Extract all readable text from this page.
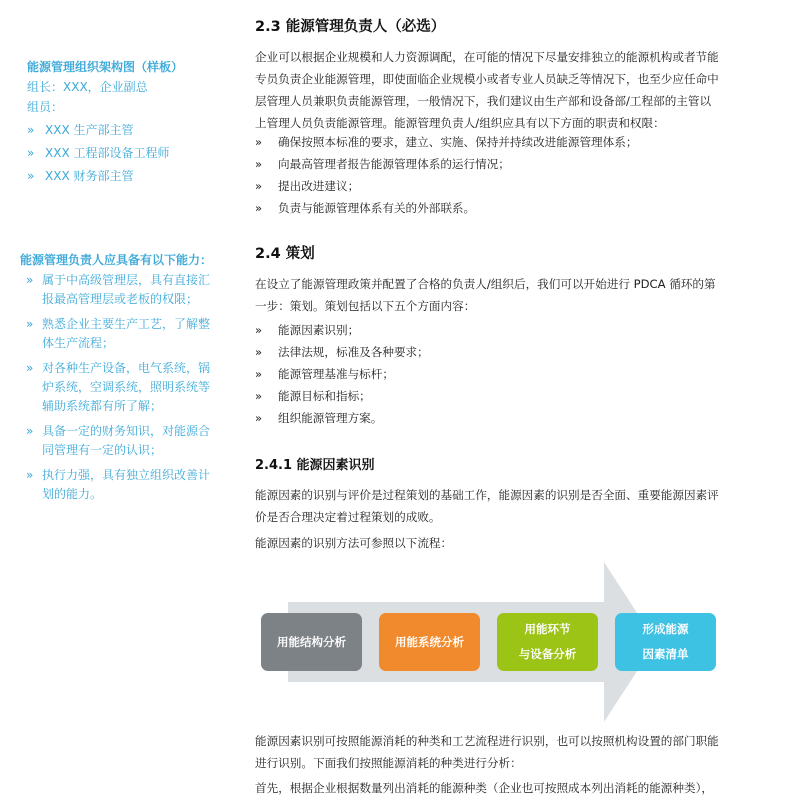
能源管理组织架构图（样板）
组长：XXX，企业副总
组员：
» XXX 生产部主管
» XXX 工程部设备工程师
» XXX 财务部主管
能源管理负责人应具备有以下能力：
» 属于中高级管理层，具有直接汇
报最高管理层或老板的权限；
» 熟悉企业主要生产工艺，了解整
体生产流程；
» 对各种生产设备，电气系统，锅
炉系统，空调系统，照明系统等
辅助系统都有所了解；
» 具备一定的财务知识，对能源合
同管理有一定的认识；
» 执行力强，具有独立组织改善计
划的能力。
2.3 能源管理负责人（必选）

企业可以根据企业规模和人力资源调配，在可能的情况下尽量安排独立的能源机构或者节能
专员负责企业能源管理，即使面临企业规模小或者专业人员缺乏等情况下，也至少应任命中
层管理人员兼职负责能源管理，一般情况下，我们建议由生产部和设备部/工程部的主管以
上管理人员负责能源管理。能源管理负责人/组织应具有以下方面的职责和权限：

» 确保按照本标准的要求，建立、实施、保持并持续改进能源管理体系；
» 向最高管理者报告能源管理体系的运行情况；
» 提出改进建议；
» 负责与能源管理体系有关的外部联系。
2.4 策划

在设立了能源管理政策并配置了合格的负责人/组织后，我们可以开始进行 PDCA 循环的第
一步：策划。策划包括以下五个方面内容：

» 能源因素识别；
» 法律法规，标准及各种要求；
» 能源管理基准与标杆；
» 能源目标和指标；
» 组织能源管理方案。
2.4.1 能源因素识别

能源因素的识别与评价是过程策划的基础工作，能源因素的识别是否全面、重要能源因素评
价是否合理决定着过程策划的成败。

能源因素的识别方法可参照以下流程：

能源因素识别可按照能源消耗的种类和工艺流程进行识别，也可以按照机构设置的部门职能
进行识别。下面我们按照能源消耗的种类进行分析：

首先，根据企业根据数量列出消耗的能源种类（企业也可按照成本列出消耗的能源种类），

用能结构分析	用能系统分析
用能环节
与设备分析
形成能源
因素清单
